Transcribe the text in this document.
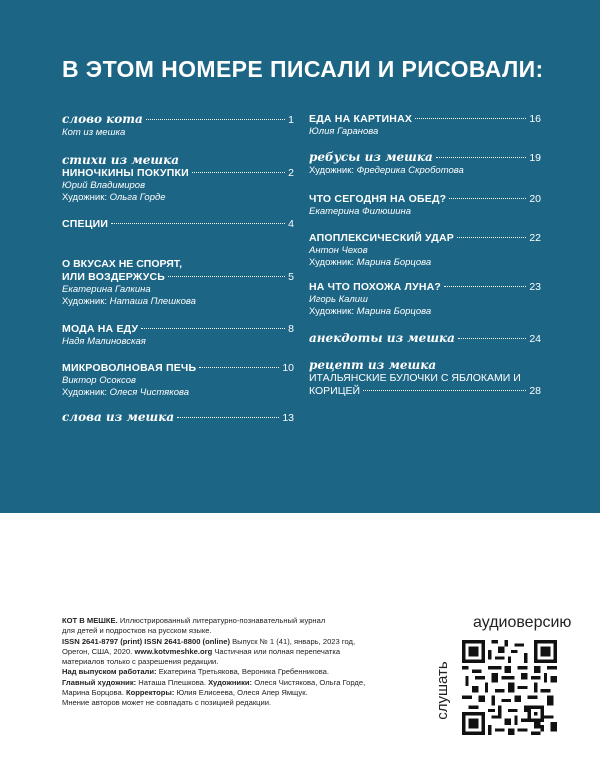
В ЭТОМ НОМЕРЕ ПИСАЛИ И РИСОВАЛИ:
слово кота	1
Кот из мешка
стихи из мешка
НИНОЧКИНЫ ПОКУПКИ	2
Юрий Владимиров
Художник: Ольга Горде
СПЕЦИИ	4
О ВКУСАХ НЕ СПОРЯТ,
ИЛИ ВОЗДЕРЖУСЬ	5
Екатерина Галкина
Художник: Наташа Плешкова
МОДА НА ЕДУ	8
Надя Малиновская
МИКРОВОЛНОВАЯ ПЕЧЬ	10
Виктор Осоксов
Художник: Олеся Чистякова
слова из мешка	13
ЕДА НА КАРТИНАХ	16
Юлия Гаранова
ребусы из мешка	19
Художник: Фредерика Скроботова
ЧТО СЕГОДНЯ НА ОБЕД?	20
Екатерина Филюшина
АПОПЛЕКСИЧЕСКИЙ УДАР	22
Антон Чехов
Художник: Марина Борцова
НА ЧТО ПОХОЖА ЛУНА?	23
Игорь Калиш
Художник: Марина Борцова
анекдоты из мешка	24
рецепт из мешка
ИТАЛЬЯНСКИЕ БУЛОЧКИ С ЯБЛОКАМИ И
КОРИЦЕЙ	28

КОТ В МЕШКЕ. Иллюстрированный литературно-познавательный журнал

для детей и подростков на русском языке.

ISSN 2641-8797 (print) ISSN 2641-8800 (online) Выпуск № 1 (41), январь, 2023 год,

Орегон, США, 2020. www.kotvmeshke.org Частичная или полная перепечатка

материалов только с разрешения редакции.

Над выпуском работали: Екатерина Третьякова, Вероника Гребенникова.

Главный художник: Наташа Плешкова. Художники: Олеся Чистякова, Ольга Горде,

Марина Борцова. Корректоры: Юлия Елисеева, Олеся Апер Ямщук.

Мнение авторов может не совпадать с позицией редакции.

аудиоверсию
слушать
